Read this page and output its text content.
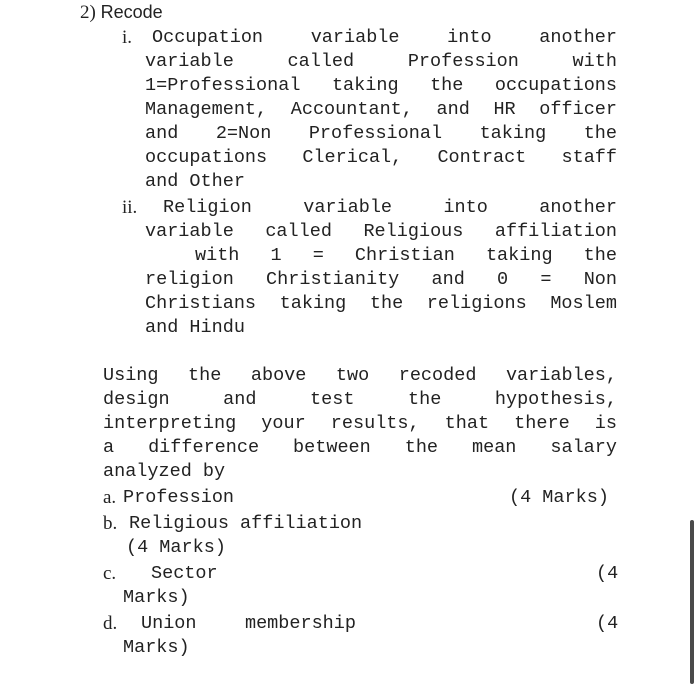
2) Recode
i. Occupation	variable	into	another
variable	called	Profession	with
1=Professional taking the occupations
Management, Accountant, and HR officer
and 2=Non Professional taking the
occupations Clerical, Contract staff
and Other
ii. Religion	variable	into	another
variable called Religious affiliation
with 1 = Christian taking the
religion Christianity and 0 = Non
Christians taking the religions Moslem
and Hindu
Using the above two recoded variables,
design	and	test	the	hypothesis,
interpreting your results, that there is
a difference between the mean salary
analyzed by
a. Profession	(4 Marks)
b. Religious affiliation
(4 Marks)
c. Sector	(4
Marks)
d. Union	membership	(4
Marks)
